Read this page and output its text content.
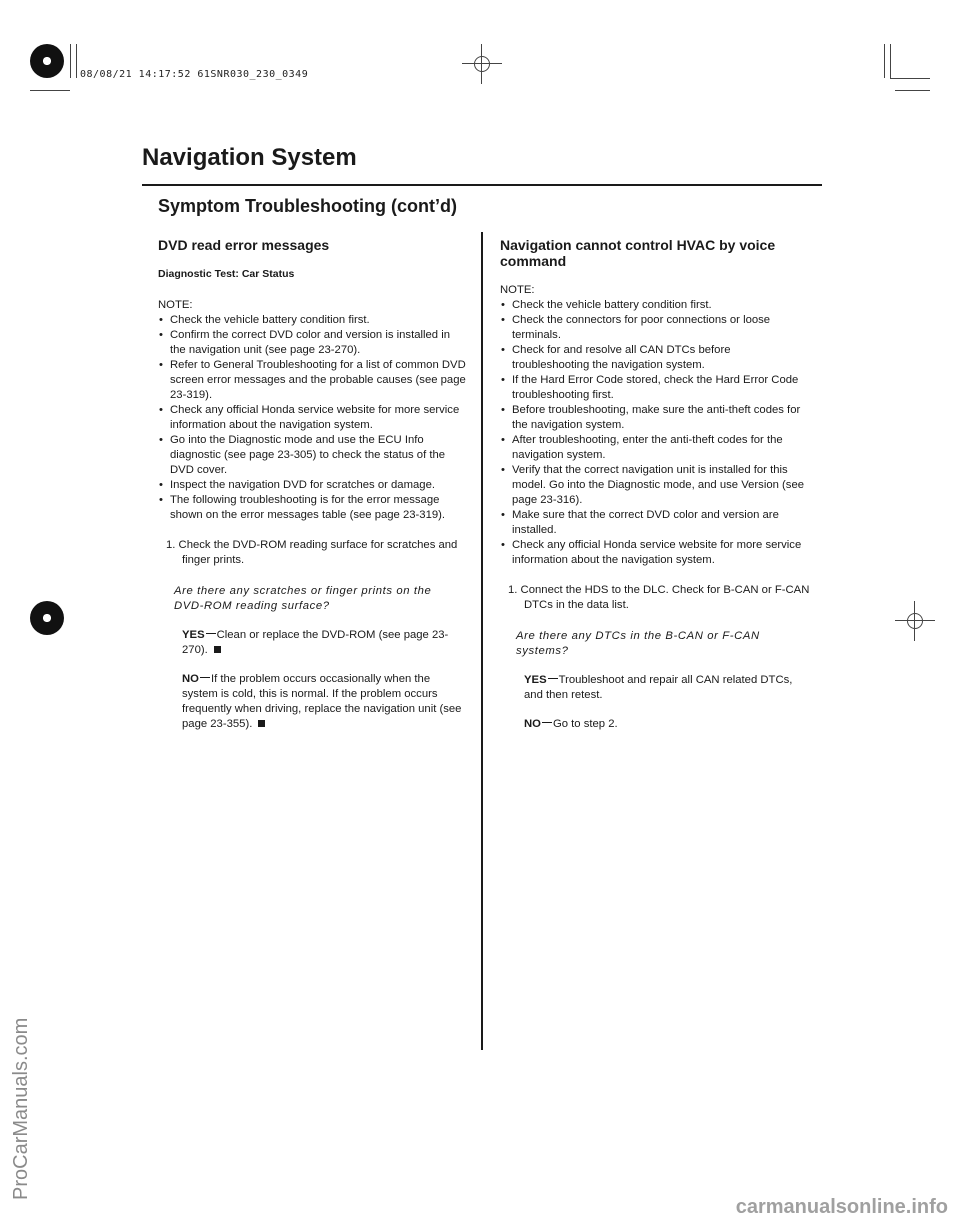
08/08/21 14:17:52 61SNR030_230_0349
Navigation System
Symptom Troubleshooting (cont’d)
DVD read error messages
Diagnostic Test: Car Status
NOTE:
• Check the vehicle battery condition first.
• Confirm the correct DVD color and version is installed in the navigation unit (see page 23-270).
• Refer to General Troubleshooting for a list of common DVD screen error messages and the probable causes (see page 23-319).
• Check any official Honda service website for more service information about the navigation system.
• Go into the Diagnostic mode and use the ECU Info diagnostic (see page 23-305) to check the status of the DVD cover.
• Inspect the navigation DVD for scratches or damage.
• The following troubleshooting is for the error message shown on the error messages table (see page 23-319).
1. Check the DVD-ROM reading surface for scratches and finger prints.
Are there any scratches or finger prints on the DVD-ROM reading surface?
YES Clean or replace the DVD-ROM (see page 23-270).
NO If the problem occurs occasionally when the system is cold, this is normal. If the problem occurs frequently when driving, replace the navigation unit (see page 23-355).
Navigation cannot control HVAC by voice command
NOTE:
• Check the vehicle battery condition first.
• Check the connectors for poor connections or loose terminals.
• Check for and resolve all CAN DTCs before troubleshooting the navigation system.
• If the Hard Error Code stored, check the Hard Error Code troubleshooting first.
• Before troubleshooting, make sure the anti-theft codes for the navigation system.
• After troubleshooting, enter the anti-theft codes for the navigation system.
• Verify that the correct navigation unit is installed for this model. Go into the Diagnostic mode, and use Version (see page 23-316).
• Make sure that the correct DVD color and version are installed.
• Check any official Honda service website for more service information about the navigation system.
1. Connect the HDS to the DLC. Check for B-CAN or F-CAN DTCs in the data list.
Are there any DTCs in the B-CAN or F-CAN systems?
YES Troubleshoot and repair all CAN related DTCs, and then retest.
NO Go to step 2.
ProCarManuals.com
carmanualsonline.info
